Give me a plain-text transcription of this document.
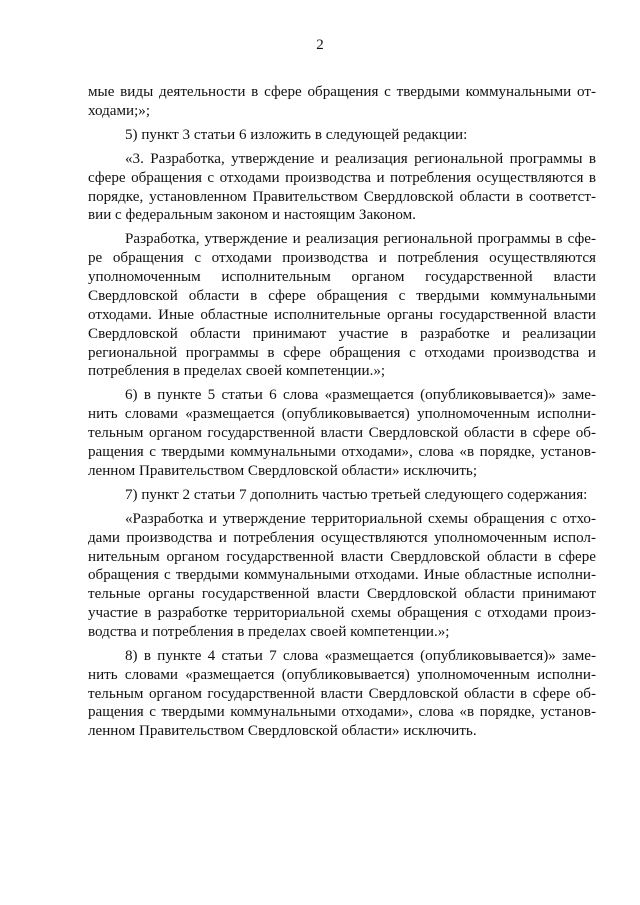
2

мые виды деятельности в сфере обращения с твердыми коммунальными от-ходами;»;

5) пункт 3 статьи 6 изложить в следующей редакции:

«3. Разработка, утверждение и реализация региональной программы в сфере обращения с отходами производства и потребления осуществляются в порядке, установленном Правительством Свердловской области в соответст-вии с федеральным законом и настоящим Законом.

Разработка, утверждение и реализация региональной программы в сфе-ре обращения с отходами производства и потребления осуществляются уполномоченным исполнительным органом государственной власти Свердловской области в сфере обращения с твердыми коммунальными отходами. Иные областные исполнительные органы государственной власти Свердловской области принимают участие в разработке и реализации региональной программы в сфере обращения с отходами производства и потребления в пределах своей компетенции.»;

6) в пункте 5 статьи 6 слова «размещается (опубликовывается)» заме-нить словами «размещается (опубликовывается) уполномоченным исполни-тельным органом государственной власти Свердловской области в сфере об-ращения с твердыми коммунальными отходами», слова «в порядке, установ-ленном Правительством Свердловской области» исключить;

7) пункт 2 статьи 7 дополнить частью третьей следующего содержания:

«Разработка и утверждение территориальной схемы обращения с отхо-дами производства и потребления осуществляются уполномоченным испол-нительным органом государственной власти Свердловской области в сфере обращения с твердыми коммунальными отходами. Иные областные исполни-тельные органы государственной власти Свердловской области принимают участие в разработке территориальной схемы обращения с отходами произ-водства и потребления в пределах своей компетенции.»;

8) в пункте 4 статьи 7 слова «размещается (опубликовывается)» заме-нить словами «размещается (опубликовывается) уполномоченным исполни-тельным органом государственной власти Свердловской области в сфере об-ращения с твердыми коммунальными отходами», слова «в порядке, установ-ленном Правительством Свердловской области» исключить.
